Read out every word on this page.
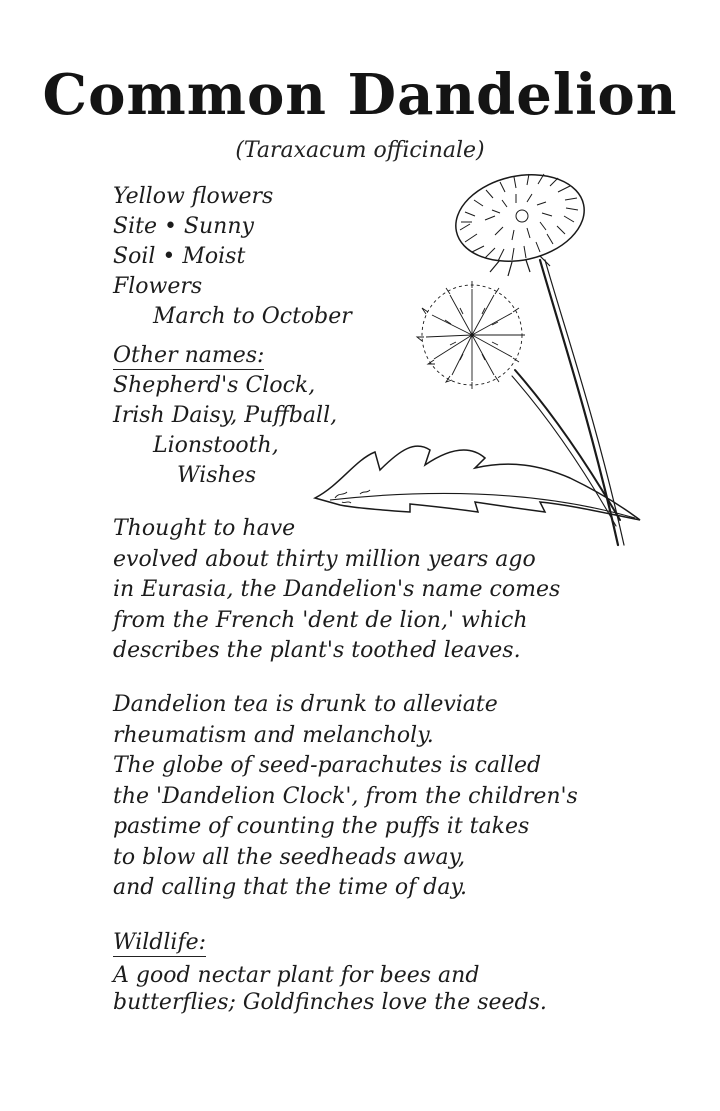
Common Dandelion
(Taraxacum officinale)
Yellow flowers
Site • Sunny
Soil • Moist
Flowers
March to October
Other names:
Shepherd's Clock,
Irish Daisy, Puffball,
Lionstooth,
Wishes
Thought to have
evolved about thirty million years ago
in Eurasia, the Dandelion's name comes
from the French 'dent de lion,' which
describes the plant's toothed leaves.
Dandelion tea is drunk to alleviate
rheumatism and melancholy.
The globe of seed-parachutes is called
the 'Dandelion Clock', from the children's
pastime of counting the puffs it takes
to blow all the seedheads away,
and calling that the time of day.
Wildlife:
A good nectar plant for bees and
butterflies; Goldfinches love the seeds.
